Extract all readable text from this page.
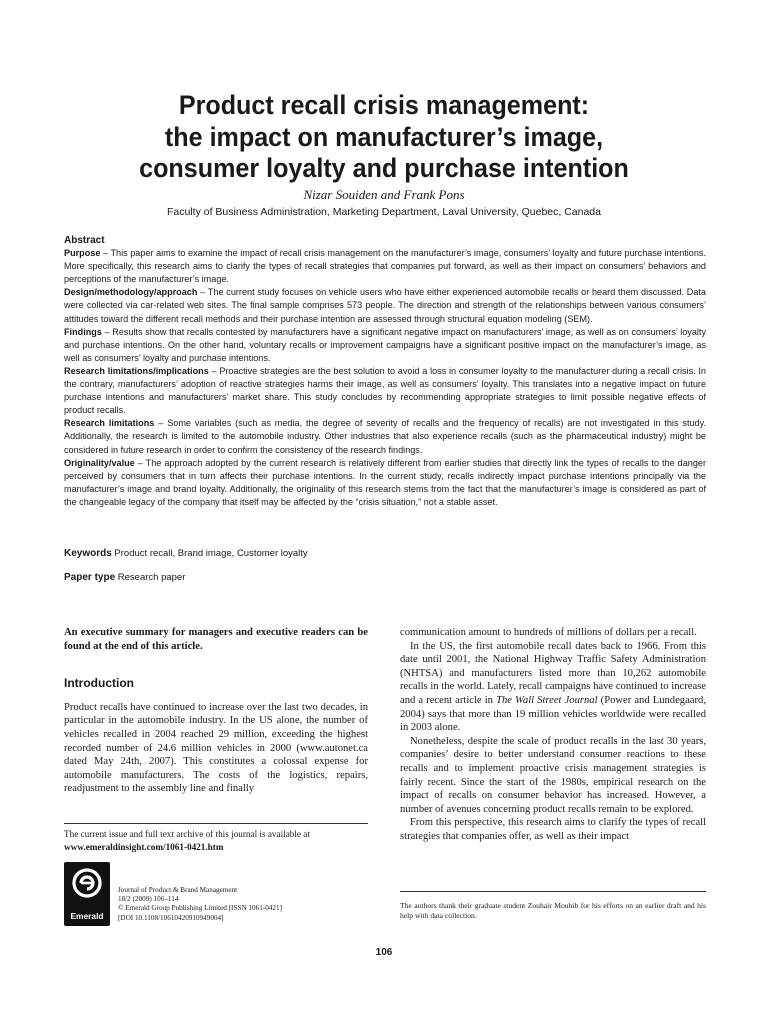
Product recall crisis management:
the impact on manufacturer’s image,
consumer loyalty and purchase intention
Nizar Souiden and Frank Pons
Faculty of Business Administration, Marketing Department, Laval University, Quebec, Canada
Abstract

Purpose – This paper aims to examine the impact of recall crisis management on the manufacturer’s image, consumers’ loyalty and future purchase intentions. More specifically, this research aims to clarify the types of recall strategies that companies put forward, as well as their impact on consumers’ behaviors and perceptions of the manufacturer’s image.

Design/methodology/approach – The current study focuses on vehicle users who have either experienced automobile recalls or heard them discussed. Data were collected via car-related web sites. The final sample comprises 573 people. The direction and strength of the relationships between various consumers’ attitudes toward the different recall methods and their purchase intention are assessed through structural equation modeling (SEM).

Findings – Results show that recalls contested by manufacturers have a significant negative impact on manufacturers’ image, as well as on consumers’ loyalty and purchase intentions. On the other hand, voluntary recalls or improvement campaigns have a significant positive impact on the manufacturer’s image, as well as consumers’ loyalty and purchase intentions.

Research limitations/implications – Proactive strategies are the best solution to avoid a loss in consumer loyalty to the manufacturer during a recall crisis. In the contrary, manufacturers’ adoption of reactive strategies harms their image, as well as consumers’ loyalty. This translates into a negative impact on future purchase intentions and manufacturers’ market share. This study concludes by recommending appropriate strategies to limit possible negative effects of product recalls.

Research limitations – Some variables (such as media, the degree of severity of recalls and the frequency of recalls) are not investigated in this study. Additionally, the research is limited to the automobile industry. Other industries that also experience recalls (such as the pharmaceutical industry) might be considered in future research in order to confirm the consistency of the research findings.

Originality/value – The approach adopted by the current research is relatively different from earlier studies that directly link the types of recalls to the danger perceived by consumers that in turn affects their purchase intentions. In the current study, recalls indirectly impact purchase intentions principally via the manufacturer’s image and brand loyalty. Additionally, the originality of this research stems from the fact that the manufacturer’s image is considered as part of the changeable legacy of the company that itself may be affected by the “crisis situation,” not a stable asset.

Keywords Product recall, Brand image, Customer loyalty
Paper type Research paper

An executive summary for managers and executive readers can be found at the end of this article.

Introduction

Product recalls have continued to increase over the last two decades, in particular in the automobile industry. In the US alone, the number of vehicles recalled in 2004 reached 29 million, exceeding the highest recorded number of 24.6 million vehicles in 2000 (www.autonet.ca dated May 24th, 2007). This constitutes a colossal expense for automobile manufacturers. The costs of the logistics, repairs, readjustment to the assembly line and finally

The current issue and full text archive of this journal is available at
www.emeraldinsight.com/1061-0421.htm
Emerald
Journal of Product & Brand Management
18/2 (2009) 106–114
© Emerald Group Publishing Limited [ISSN 1061-0421]
[DOI 10.1108/10610420910949004]

communication amount to hundreds of millions of dollars per a recall.

In the US, the first automobile recall dates back to 1966. From this date until 2001, the National Highway Traffic Safety Administration (NHTSA) and manufacturers listed more than 10,262 automobile recalls in the world. Lately, recall campaigns have continued to increase and a recent article in The Wall Street Journal (Power and Lundegaard, 2004) says that more than 19 million vehicles worldwide were recalled in 2003 alone.

Nonetheless, despite the scale of product recalls in the last 30 years, companies’ desire to better understand consumer reactions to these recalls and to implement proactive crisis management strategies is fairly recent. Since the start of the 1980s, empirical research on the impact of recalls on consumer behavior has increased. However, a number of avenues concerning product recalls remain to be explored.

From this perspective, this research aims to clarify the types of recall strategies that companies offer, as well as their impact

The authors thank their graduate student Zouhair Mouhib for his efforts on an earlier draft and his help with data collection.
106
